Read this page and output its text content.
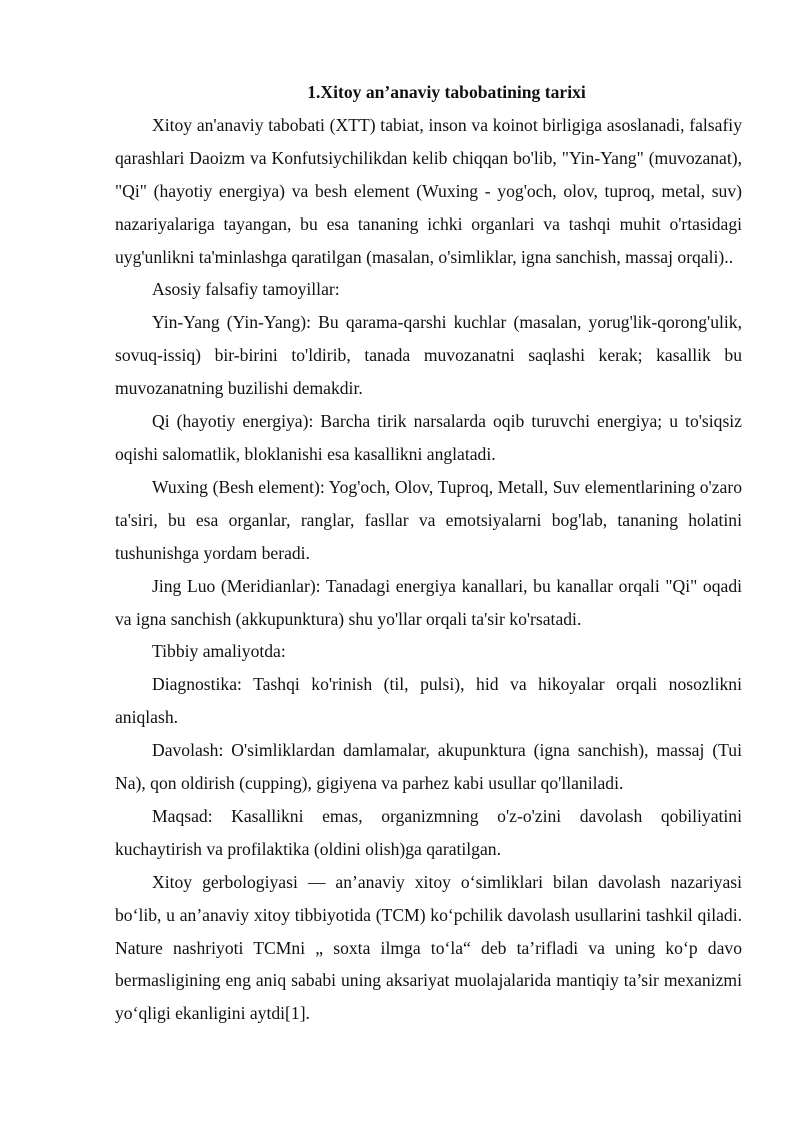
1.Xitoy an’anaviy tabobatining tarixi

Xitoy an'anaviy tabobati (XTT) tabiat, inson va koinot birligiga asoslanadi, falsafiy qarashlari Daoizm va Konfutsiychilikdan kelib chiqqan bo'lib, "Yin-Yang" (muvozanat), "Qi" (hayotiy energiya) va besh element (Wuxing - yog'och, olov, tuproq, metal, suv) nazariyalariga tayangan, bu esa tananing ichki organlari va tashqi muhit o'rtasidagi uyg'unlikni ta'minlashga qaratilgan (masalan, o'simliklar, igna sanchish, massaj orqali)..

Asosiy falsafiy tamoyillar:

Yin-Yang (Yin-Yang): Bu qarama-qarshi kuchlar (masalan, yorug'lik-qorong'ulik, sovuq-issiq) bir-birini to'ldirib, tanada muvozanatni saqlashi kerak; kasallik bu muvozanatning buzilishi demakdir.

Qi (hayotiy energiya): Barcha tirik narsalarda oqib turuvchi energiya; u to'siqsiz oqishi salomatlik, bloklanishi esa kasallikni anglatadi.

Wuxing (Besh element): Yog'och, Olov, Tuproq, Metall, Suv elementlarining o'zaro ta'siri, bu esa organlar, ranglar, fasllar va emotsiyalarni bog'lab, tananing holatini tushunishga yordam beradi.

Jing Luo (Meridianlar): Tanadagi energiya kanallari, bu kanallar orqali "Qi" oqadi va igna sanchish (akkupunktura) shu yo'llar orqali ta'sir ko'rsatadi.

Tibbiy amaliyotda:

Diagnostika: Tashqi ko'rinish (til, pulsi), hid va hikoyalar orqali nosozlikni aniqlash.

Davolash: O'simliklardan damlamalar, akupunktura (igna sanchish), massaj (Tui Na), qon oldirish (cupping), gigiyena va parhez kabi usullar qo'llaniladi.

Maqsad: Kasallikni emas, organizmning o'z-o'zini davolash qobiliyatini kuchaytirish va profilaktika (oldini olish)ga qaratilgan.

Xitoy gerbologiyasi — an’anaviy xitoy o‘simliklari bilan davolash nazariyasi bo‘lib, u an’anaviy xitoy tibbiyotida (TCM) ko‘pchilik davolash usullarini tashkil qiladi. Nature nashriyoti TCMni „ soxta ilmga to‘la“ deb ta’rifladi va uning ko‘p davo bermasligining eng aniq sababi uning aksariyat muolajalarida mantiqiy ta’sir mexanizmi yo‘qligi ekanligini aytdi[1].
